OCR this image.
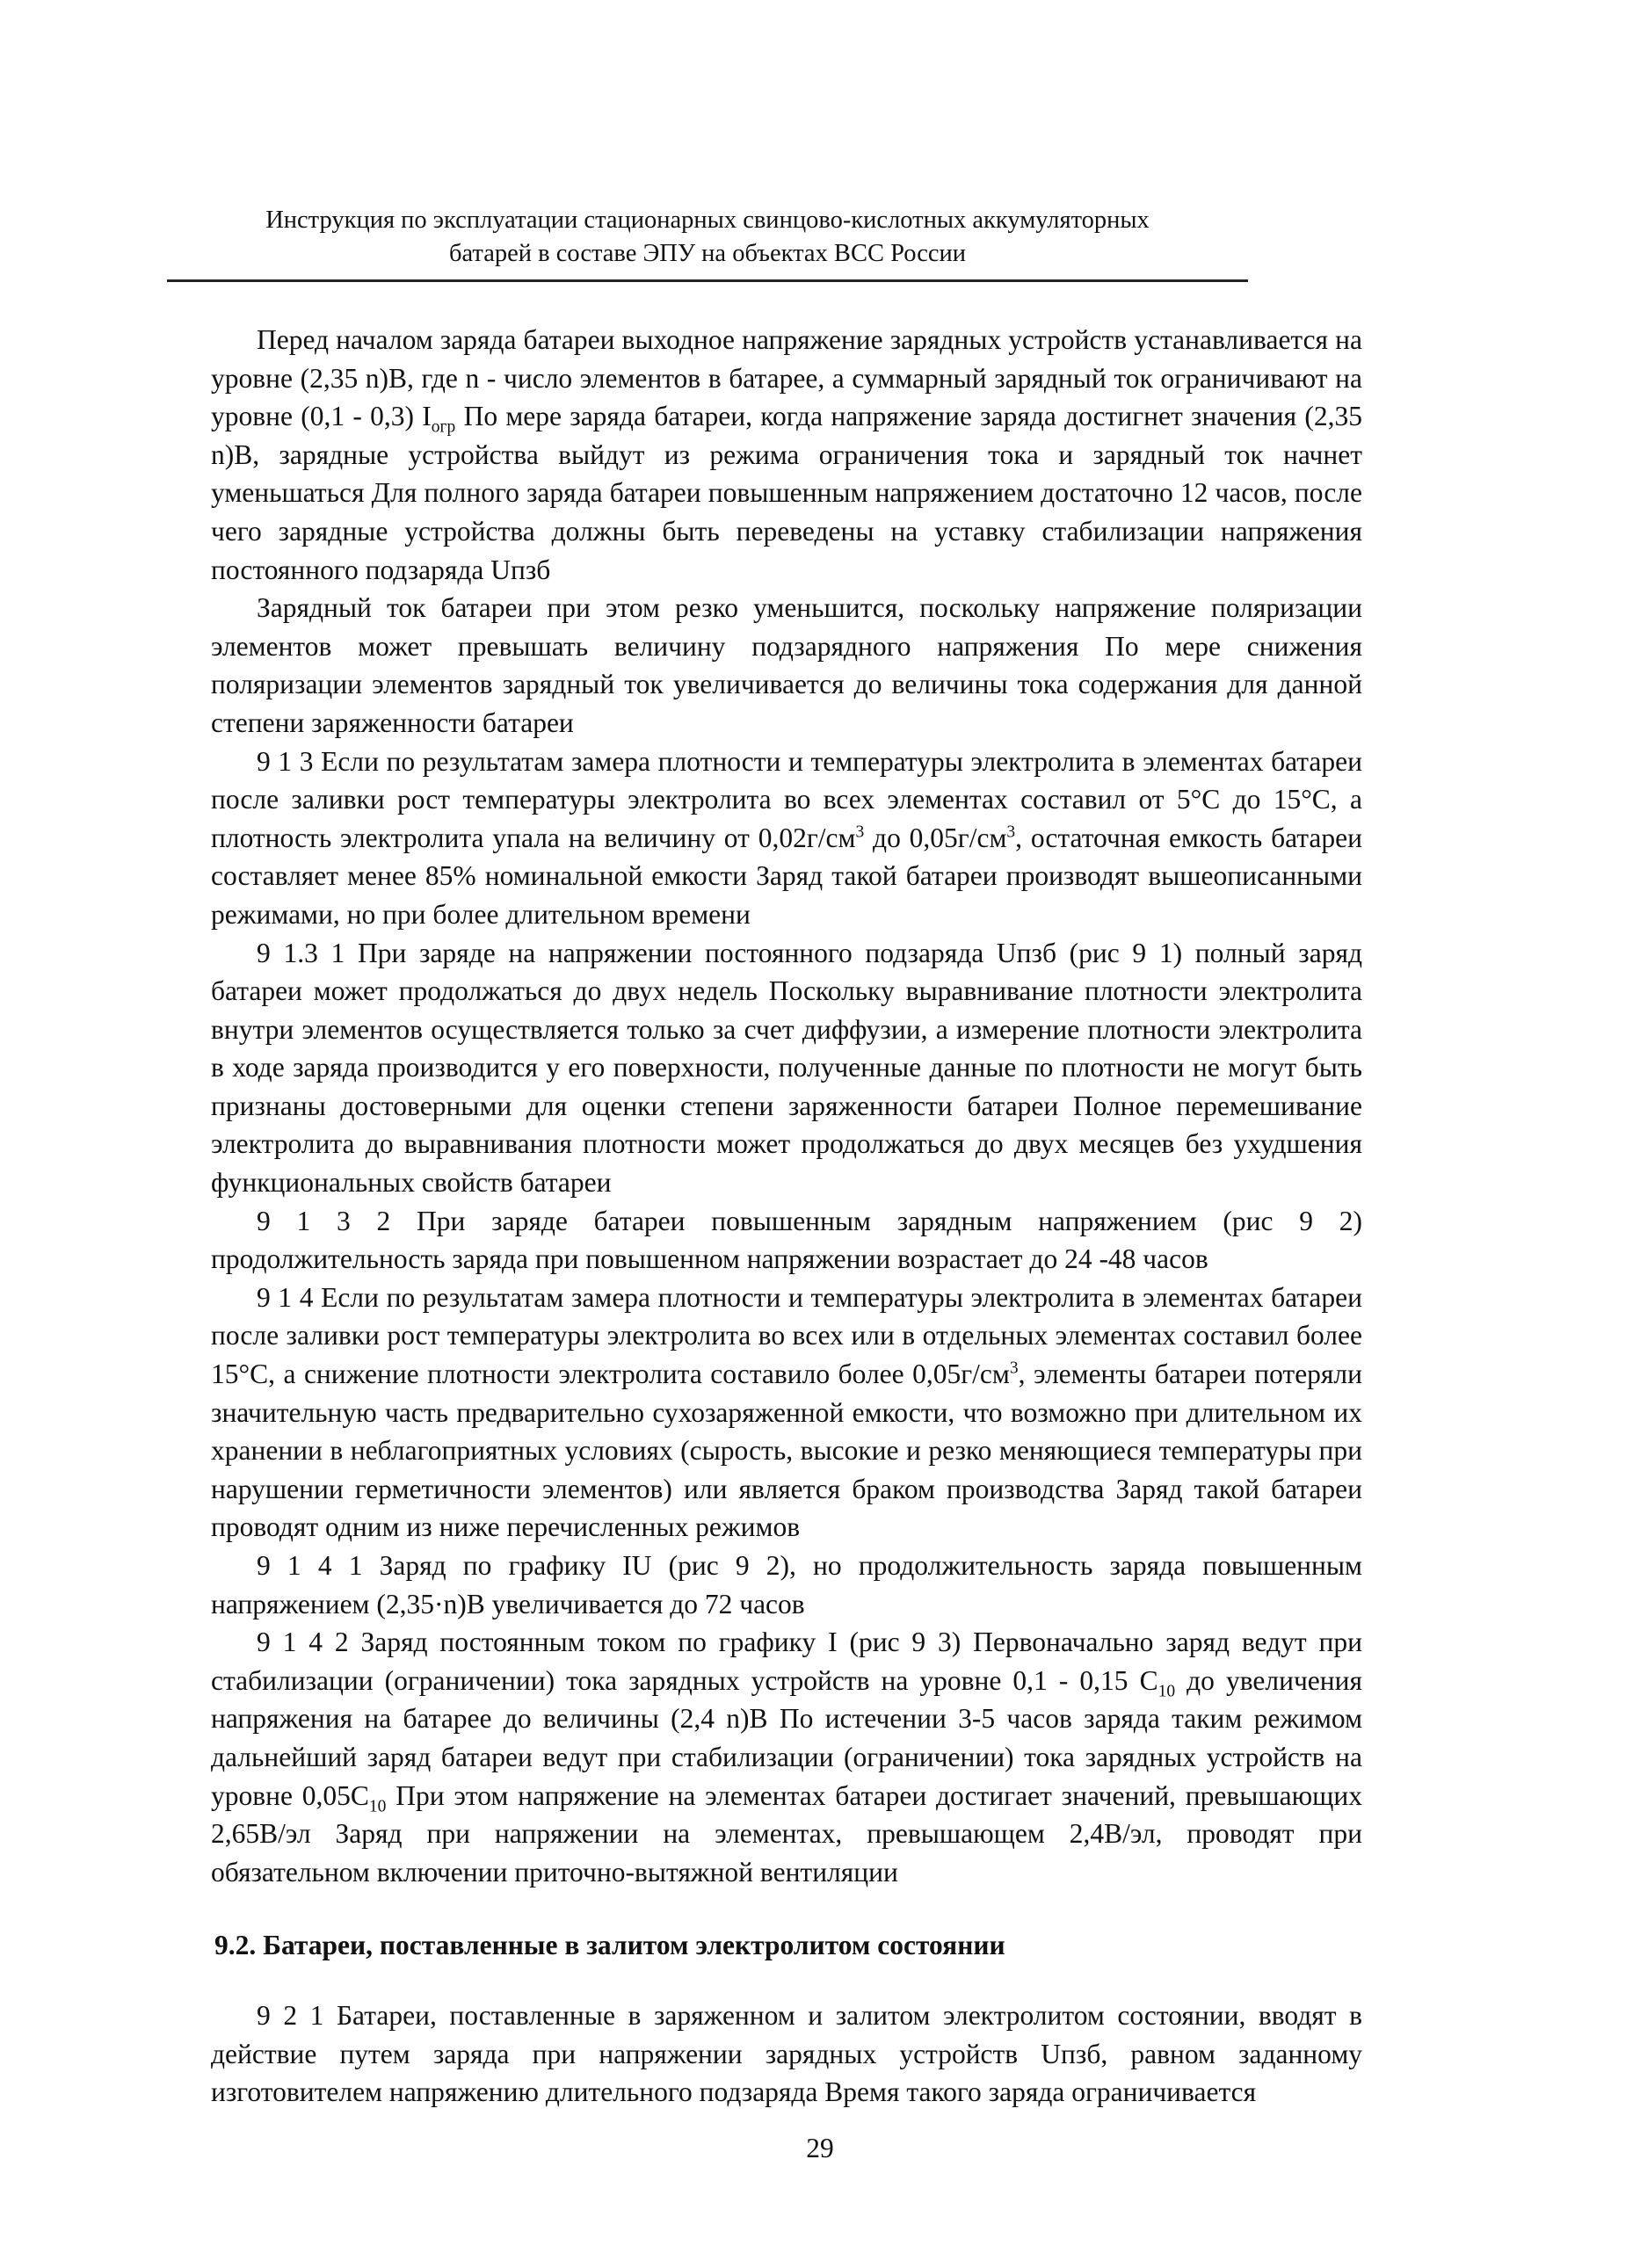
Инструкция по эксплуатации стационарных свинцово-кислотных аккумуляторных
батарей в составе ЭПУ на объектах ВСС России

Перед началом заряда батареи выходное напряжение зарядных устройств устанавливается на уровне (2,35 n)В, где n - число элементов в батарее, а суммарный зарядный ток ограничивают на уровне (0,1 - 0,3) $I_{огр}$ По мере заряда батареи, когда напряжение заряда достигнет значения (2,35 n)В, зарядные устройства выйдут из режима ограничения тока и зарядный ток начнет уменьшаться Для полного заряда батареи повышенным напряжением достаточно 12 часов, после чего зарядные устройства должны быть переведены на уставку стабилизации напряжения постоянного подзаряда Uпзб

Зарядный ток батареи при этом резко уменьшится, поскольку напряжение поляризации элементов может превышать величину подзарядного напряжения По мере снижения поляризации элементов зарядный ток увеличивается до величины тока содержания для данной степени заряженности батареи

9 1 3 Если по результатам замера плотности и температуры электролита в элементах батареи после заливки рост температуры электролита во всех элементах составил от 5°С до 15°С, а плотность электролита упала на величину от $0,02г/см^3$ до $0,05г/см^3$, остаточная емкость батареи составляет менее 85% номинальной емкости Заряд такой батареи производят вышеописанными режимами, но при более длительном времени

9 1.3 1 При заряде на напряжении постоянного подзаряда Uпзб (рис 9 1) полный заряд батареи может продолжаться до двух недель Поскольку выравнивание плотности электролита внутри элементов осуществляется только за счет диффузии, а измерение плотности электролита в ходе заряда производится у его поверхности, полученные данные по плотности не могут быть признаны достоверными для оценки степени заряженности батареи Полное перемешивание электролита до выравнивания плотности может продолжаться до двух месяцев без ухудшения функциональных свойств батареи

9 1 3 2 При заряде батареи повышенным зарядным напряжением (рис 9 2) продолжительность заряда при повышенном напряжении возрастает до 24 -48 часов

9 1 4 Если по результатам замера плотности и температуры электролита в элементах батареи после заливки рост температуры электролита во всех или в отдельных элементах составил более 15°С, а снижение плотности электролита составило более $0,05г/см^3$, элементы батареи потеряли значительную часть предварительно сухозаряженной емкости, что возможно при длительном их хранении в неблагоприятных условиях (сырость, высокие и резко меняющиеся температуры при нарушении герметичности элементов) или является браком производства Заряд такой батареи проводят одним из ниже перечисленных режимов

9 1 4 1 Заряд по графику IU (рис 9 2), но продолжительность заряда повышенным напряжением (2,35·n)В увеличивается до 72 часов

9 1 4 2 Заряд постоянным током по графику I (рис 9 3) Первоначально заряд ведут при стабилизации (ограничении) тока зарядных устройств на уровне 0,1 - 0,15 $С_{10}$ до увеличения напряжения на батарее до величины (2,4 n)В По истечении 3-5 часов заряда таким режимом дальнейший заряд батареи ведут при стабилизации (ограничении) тока зарядных устройств на уровне $0,05С_{10}$ При этом напряжение на элементах батареи достигает значений, превышающих 2,65В/эл Заряд при напряжении на элементах, превышающем 2,4В/эл, проводят при обязательном включении приточно-вытяжной вентиляции

9.2. Батареи, поставленные в залитом электролитом состоянии

9 2 1 Батареи, поставленные в заряженном и залитом электролитом состоянии, вводят в действие путем заряда при напряжении зарядных устройств Uпзб, равном заданному изготовителем напряжению длительного подзаряда Время такого заряда ограничивается

29
